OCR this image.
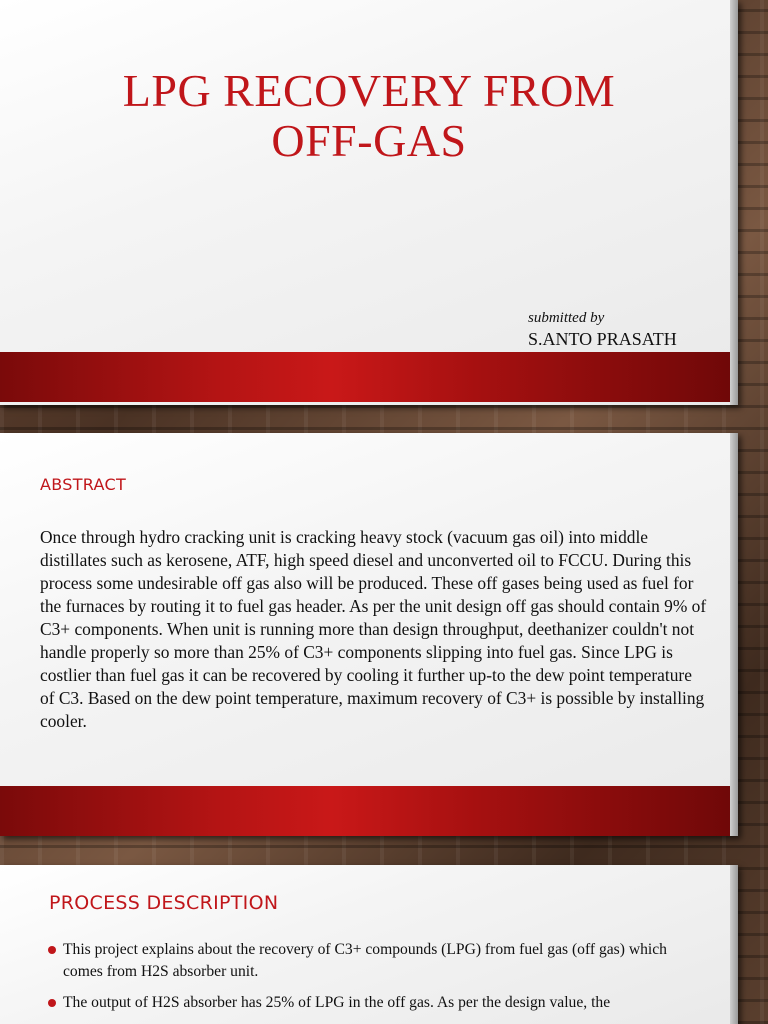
LPG RECOVERY FROM
OFF-GAS
submitted by
S.ANTO PRASATH
ABSTRACT
Once through hydro cracking unit is cracking heavy stock (vacuum gas oil) into middle distillates such as kerosene, ATF, high speed diesel and unconverted oil to FCCU. During this process some undesirable off gas also will be produced. These off gases being used as fuel for the furnaces by routing it to fuel gas header. As per the unit design off gas should contain 9% of C3+ components. When unit is running more than design throughput, deethanizer couldn't not handle properly so more than 25% of C3+ components slipping into fuel gas. Since LPG is costlier than fuel gas it can be recovered by cooling it further up-to the dew point temperature of C3. Based on the dew point temperature, maximum recovery of C3+ is possible by installing cooler.
PROCESS DESCRIPTION
This project explains about the recovery of C3+ compounds (LPG) from fuel gas (off gas) which comes from H2S absorber unit.
The output of H2S absorber has 25% of LPG in the off gas. As per the design value, the
